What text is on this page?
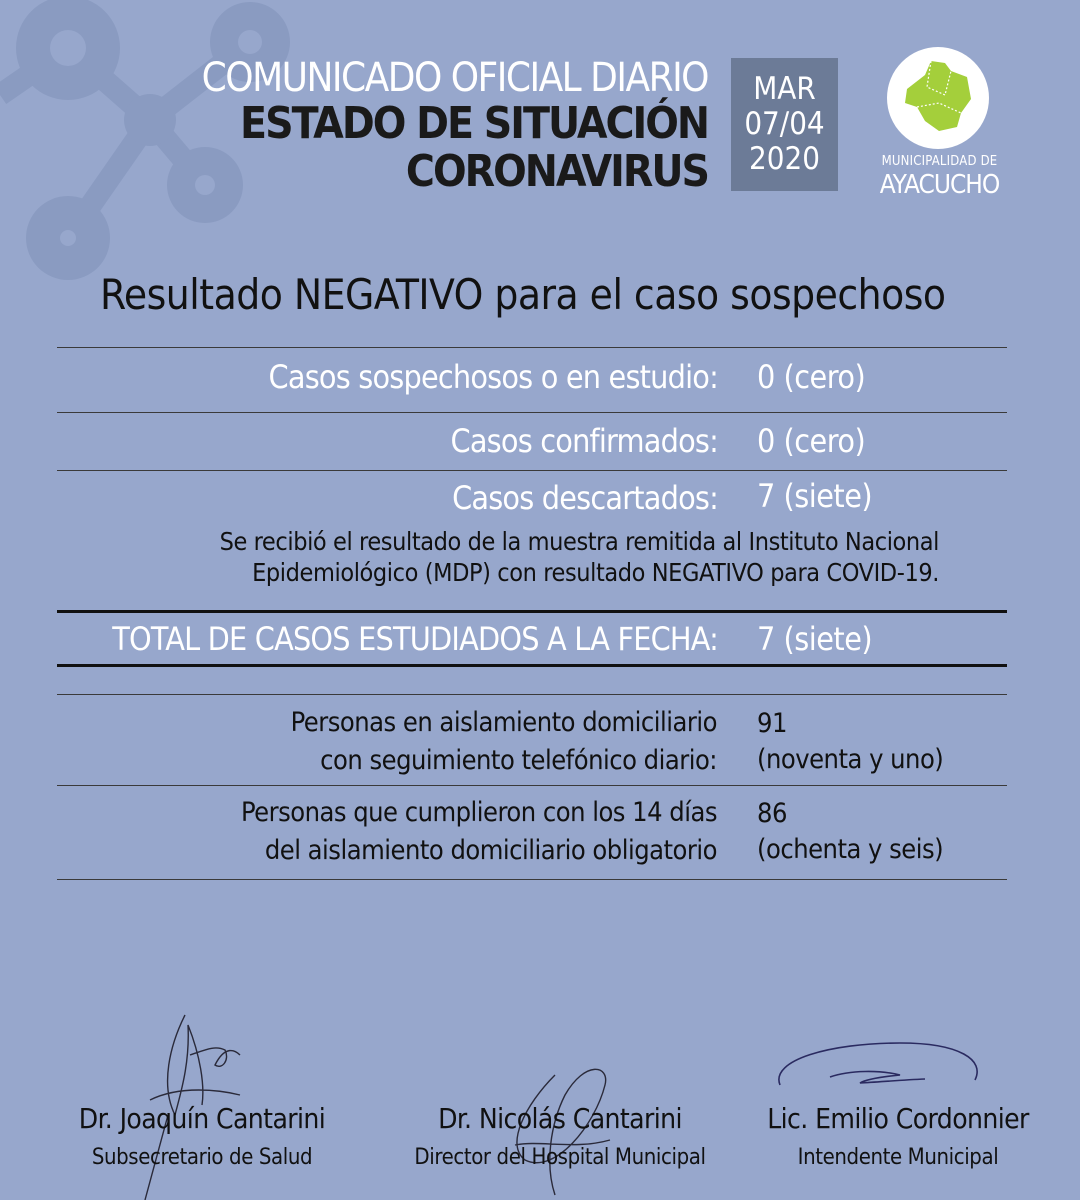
COMUNICADO OFICIAL DIARIO
ESTADO DE SITUACIÓN
CORONAVIRUS
MAR
07/04
2020	MUNICIPALIDAD DE
AYACUCHO
Resultado NEGATIVO para el caso sospechoso
Casos sospechosos o en estudio: 0 (cero)
Casos confirmados: 0 (cero)
Casos descartados: 7 (siete)
Se recibió el resultado de la muestra remitida al Instituto Nacional
Epidemiológico (MDP) con resultado NEGATIVO para COVID-19.
TOTAL DE CASOS ESTUDIADOS A LA FECHA: 7 (siete)
Personas en aislamiento domiciliario
con seguimiento telefónico diario:
91
(noventa y uno)
Personas que cumplieron con los 14 días
del aislamiento domiciliario obligatorio
86
(ochenta y seis)
Dr. Joaquín Cantarini
Subsecretario de Salud
Dr. Nicolás Cantarini
Director del Hospital Municipal
Lic. Emilio Cordonnier
Intendente Municipal
